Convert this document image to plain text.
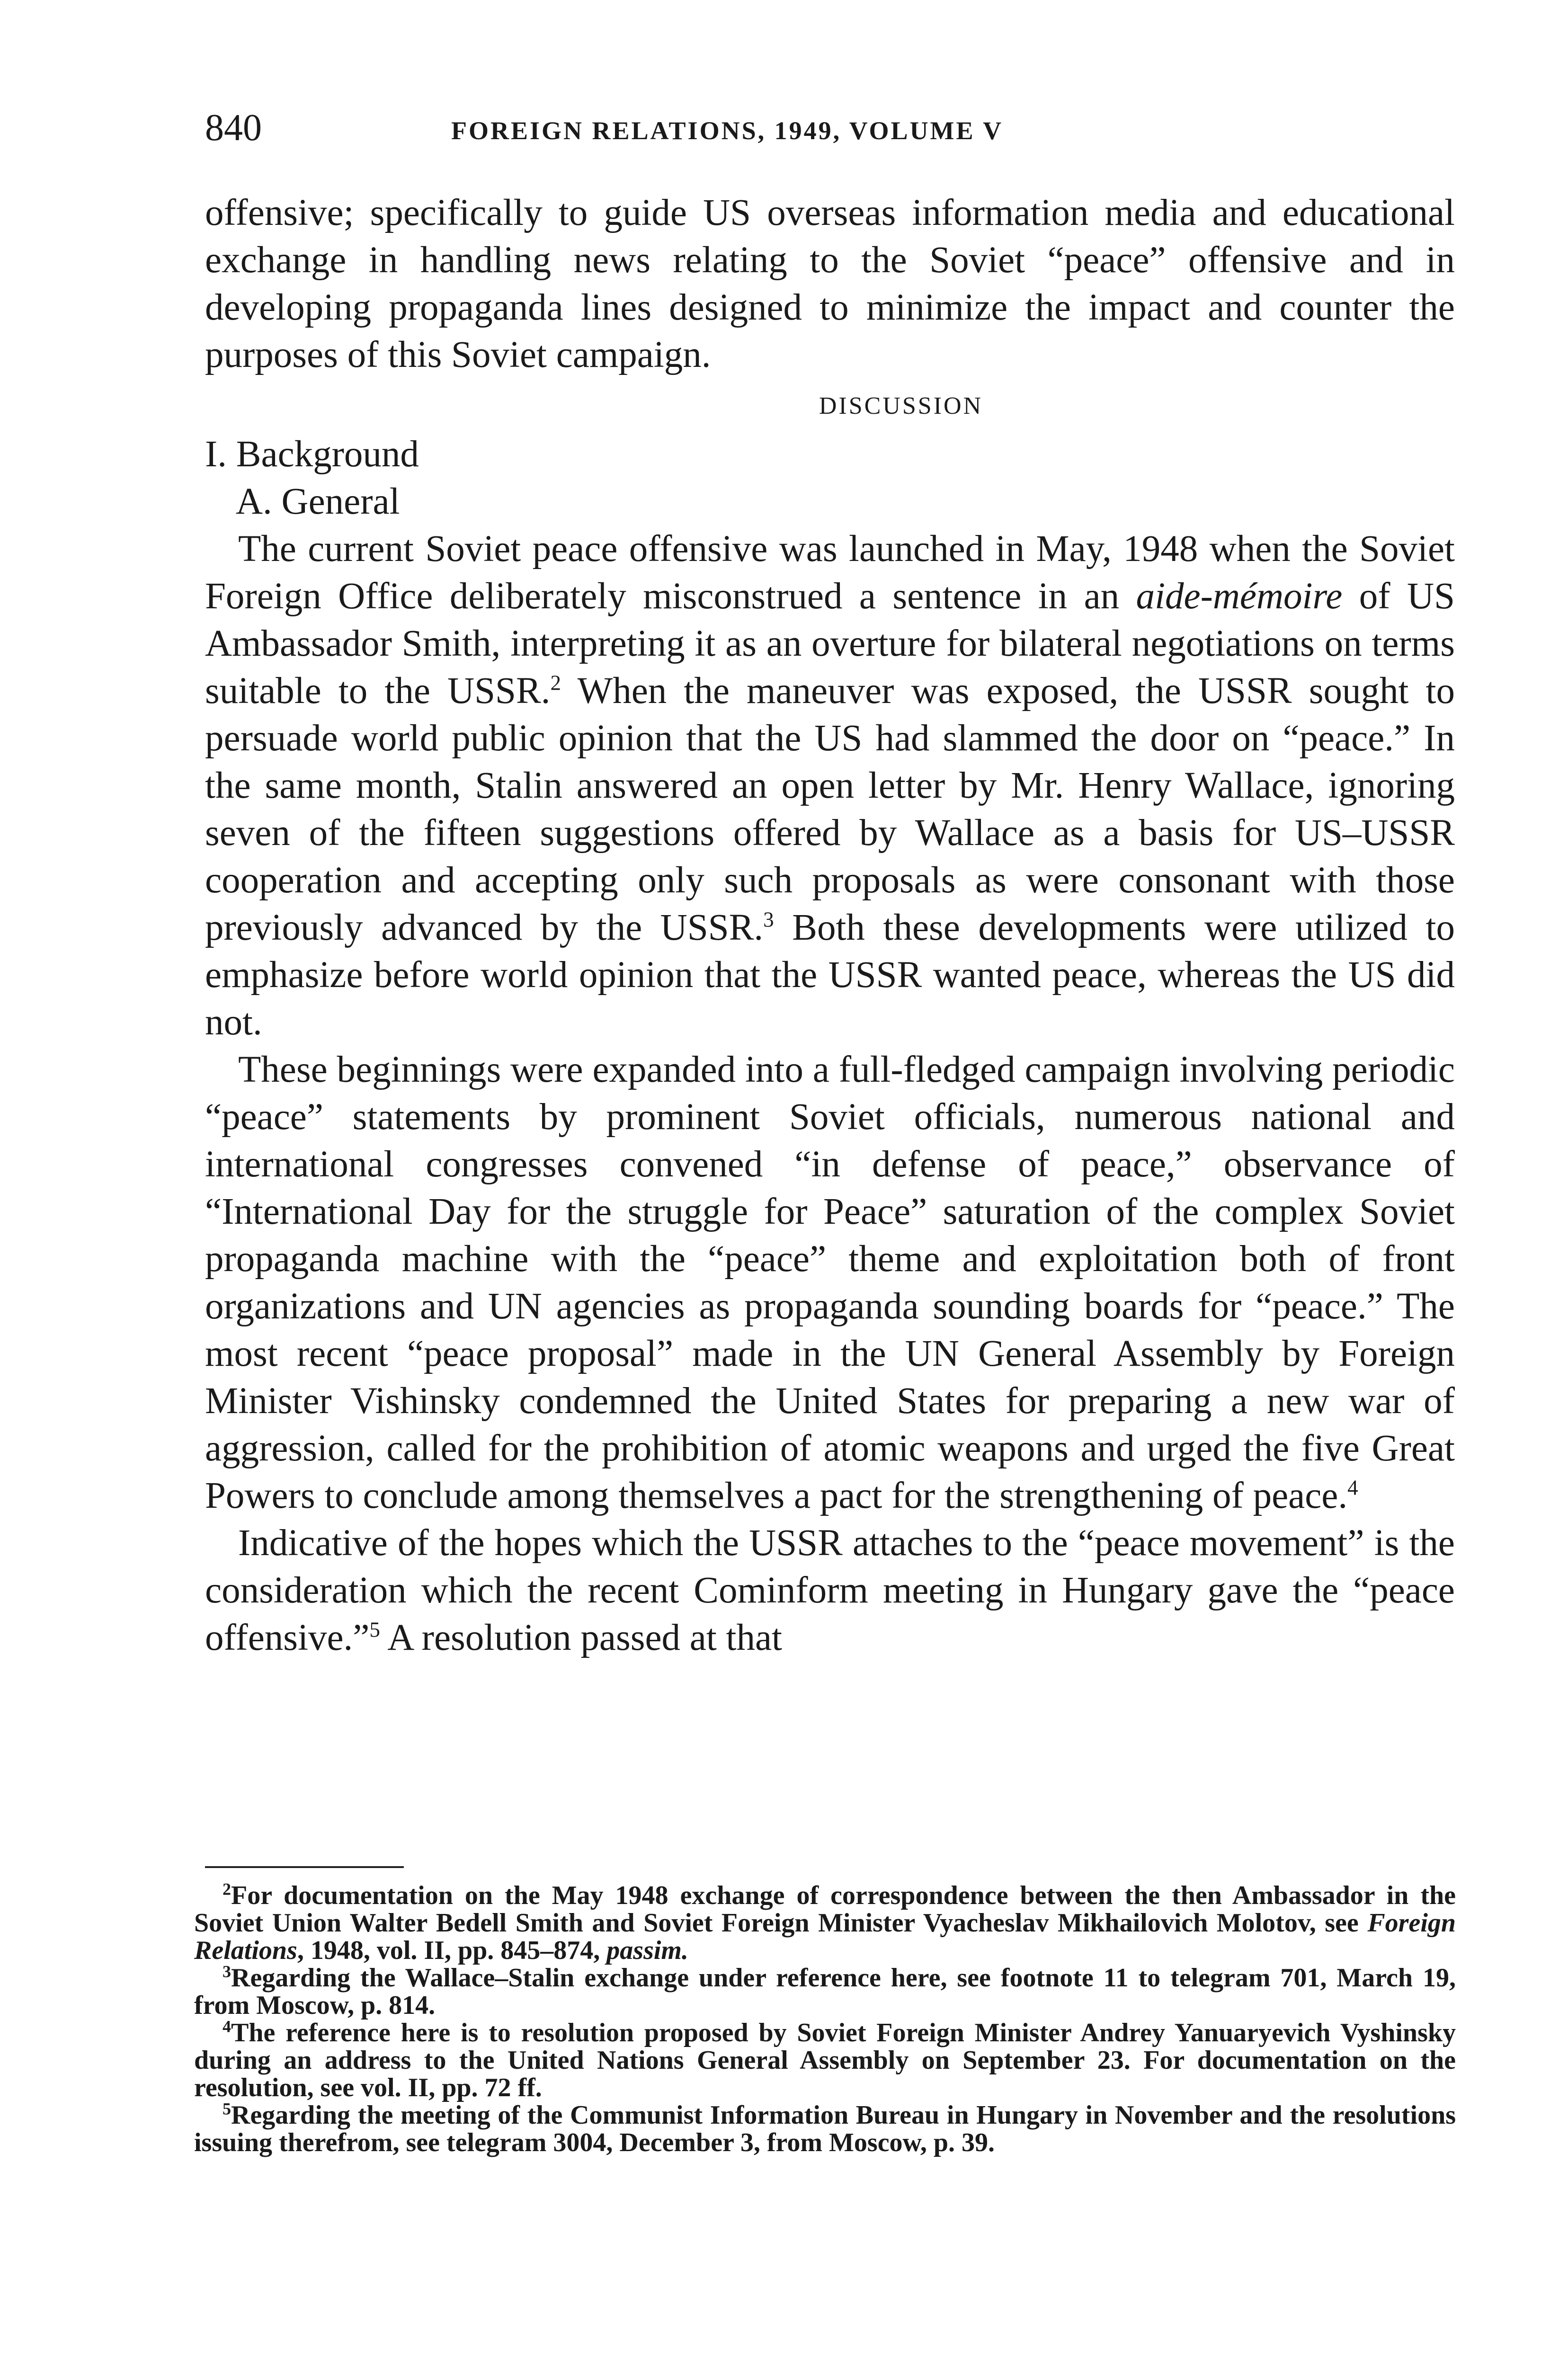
840	FOREIGN RELATIONS, 1949, VOLUME V

offensive; specifically to guide US overseas information media and educational exchange in handling news relating to the Soviet “peace” offensive and in developing propaganda lines designed to minimize the impact and counter the purposes of this Soviet campaign.

DISCUSSION

I. Background

A. General

The current Soviet peace offensive was launched in May, 1948 when the Soviet Foreign Office deliberately misconstrued a sentence in an aide-mémoire of US Ambassador Smith, interpreting it as an overture for bilateral negotiations on terms suitable to the USSR.$^2$ When the maneuver was exposed, the USSR sought to persuade world public opinion that the US had slammed the door on “peace.” In the same month, Stalin answered an open letter by Mr. Henry Wallace, ignoring seven of the fifteen suggestions offered by Wallace as a basis for US–USSR cooperation and accepting only such proposals as were consonant with those previously advanced by the USSR.$^3$ Both these developments were utilized to emphasize before world opinion that the USSR wanted peace, whereas the US did not.

These beginnings were expanded into a full-fledged campaign involving periodic “peace” statements by prominent Soviet officials, numerous national and international congresses convened “in defense of peace,” observance of “International Day for the struggle for Peace” saturation of the complex Soviet propaganda machine with the “peace” theme and exploitation both of front organizations and UN agencies as propaganda sounding boards for “peace.” The most recent “peace proposal” made in the UN General Assembly by Foreign Minister Vishinsky condemned the United States for preparing a new war of aggression, called for the prohibition of atomic weapons and urged the five Great Powers to conclude among themselves a pact for the strengthening of peace.$^4$

Indicative of the hopes which the USSR attaches to the “peace movement” is the consideration which the recent Cominform meeting in Hungary gave the “peace offensive.”$^5$ A resolution passed at that

$^2$For documentation on the May 1948 exchange of correspondence between the then Ambassador in the Soviet Union Walter Bedell Smith and Soviet Foreign Minister Vyacheslav Mikhailovich Molotov, see Foreign Relations, 1948, vol. II, pp. 845–874, passim.

$^3$Regarding the Wallace–Stalin exchange under reference here, see footnote 11 to telegram 701, March 19, from Moscow, p. 814.

$^4$The reference here is to resolution proposed by Soviet Foreign Minister Andrey Yanuaryevich Vyshinsky during an address to the United Nations General Assembly on September 23. For documentation on the resolution, see vol. II, pp. 72 ff.

$^5$Regarding the meeting of the Communist Information Bureau in Hungary in November and the resolutions issuing therefrom, see telegram 3004, December 3, from Moscow, p. 39.
